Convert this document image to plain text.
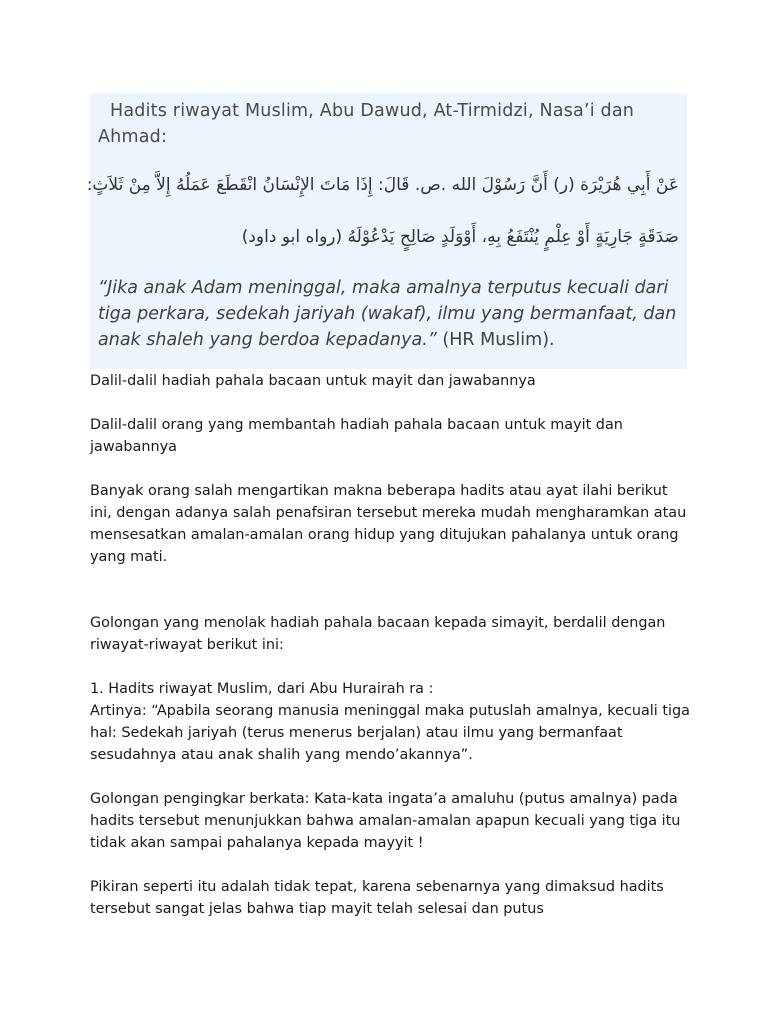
Hadits riwayat Muslim, Abu Dawud, At-Tirmidzi, Nasa’i dan
Ahmad:
عَنْ أَبِي هُرَيْرَة (ر) أَنَّ رَسُوْلَ الله .ص. قَالَ: إِذَا مَاتَ الإِنْسَانُ انْقَطَعَ عَمَلُهُ إِلاَّ مِنْ ثَلاَثٍ:
صَدَقَةٍ جَارِيَةٍ أَوْ عِلْمٍ يُنْتَفَعُ بِهِ، أَوْوَلَدٍ صَالِحٍ يَدْعُوْلَهُ (رواه ابو داود)
“Jika anak Adam meninggal, maka amalnya terputus kecuali dari tiga perkara, sedekah jariyah (wakaf), ilmu yang bermanfaat, dan anak shaleh yang berdoa kepadanya.” (HR Muslim).

Dalil-dalil hadiah pahala bacaan untuk mayit dan jawabannya

Dalil-dalil orang yang membantah hadiah pahala bacaan untuk mayit dan jawabannya

Banyak orang salah mengartikan makna beberapa hadits atau ayat ilahi berikut ini, dengan adanya salah penafsiran tersebut mereka mudah mengharamkan atau mensesatkan amalan-amalan orang hidup yang ditujukan pahalanya untuk orang yang mati.

Golongan yang menolak hadiah pahala bacaan kepada simayit, berdalil dengan riwayat-riwayat berikut ini:

1. Hadits riwayat Muslim, dari Abu Hurairah ra :

Artinya: “Apabila seorang manusia meninggal maka putuslah amalnya, kecuali tiga hal: Sedekah jariyah (terus menerus berjalan) atau ilmu yang bermanfaat sesudahnya atau anak shalih yang mendo’akannya”.

Golongan pengingkar berkata: Kata-kata ingata’a amaluhu (putus amalnya) pada hadits tersebut menunjukkan bahwa amalan-amalan apapun kecuali yang tiga itu tidak akan sampai pahalanya kepada mayyit !

Pikiran seperti itu adalah tidak tepat, karena sebenarnya yang dimaksud hadits tersebut sangat jelas bahwa tiap mayit telah selesai dan putus
